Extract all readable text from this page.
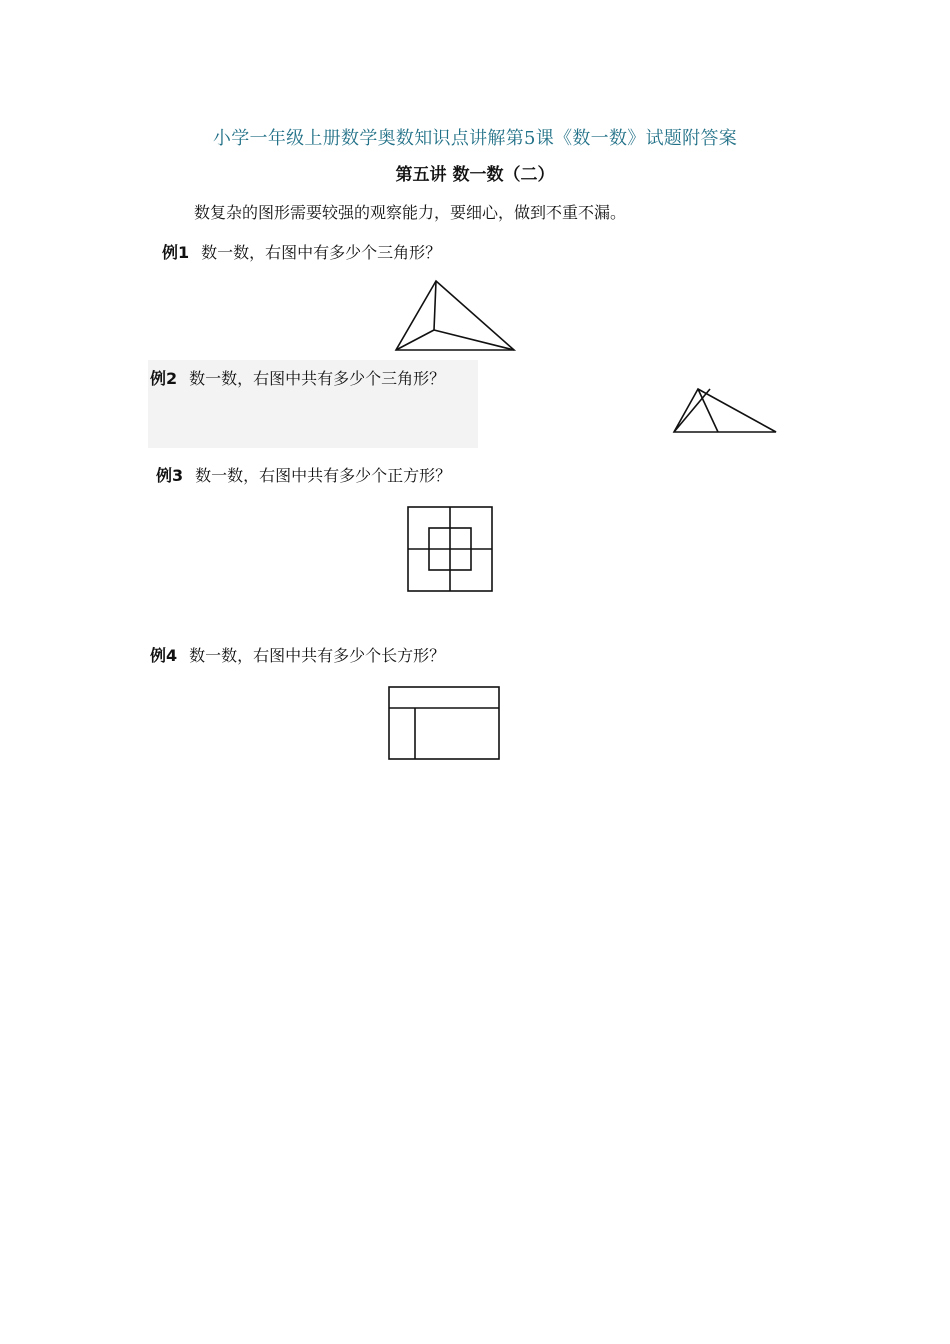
小学一年级上册数学奥数知识点讲解第5课《数一数》试题附答案
第五讲 数一数（二）
数复杂的图形需要较强的观察能力，要细心，做到不重不漏。
例1 数一数，右图中有多少个三角形？
例2 数一数，右图中共有多少个三角形？
例3 数一数，右图中共有多少个正方形？
例4 数一数，右图中共有多少个长方形？
